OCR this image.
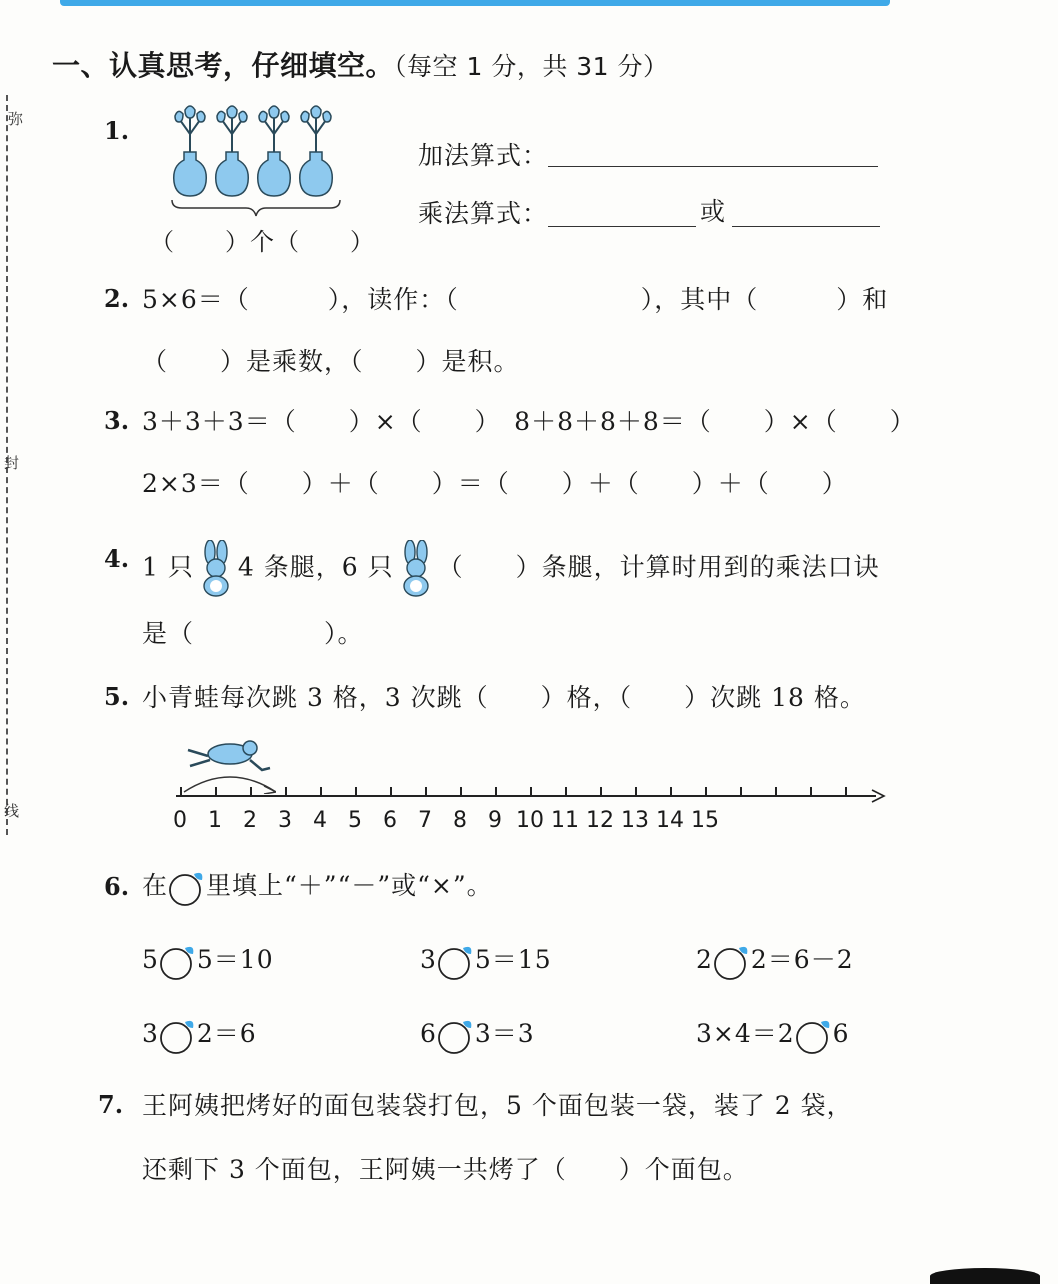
弥
封
线
一、认真思考，仔细填空。（每空 1 分，共 31 分）
1.
（　　）个（　　）
加法算式：
乘法算式：	或
2. 5×6＝（　　　），读作：（　　　　　　　），其中（　　　）和
（　　）是乘数，（　　）是积。
3. 3＋3＋3＝（　　）×（　　）　8＋8＋8＋8＝（　　）×（　　）
2×3＝（　　）＋（　　）＝（　　）＋（　　）＋（　　）
4. 1 只 4 条腿，6 只 （　　）条腿，计算时用到的乘法口诀
是（　　　　　）。
5. 小青蛙每次跳 3 格，3 次跳（　　）格，（　　）次跳 18 格。
0 1 2 3 4 5 6 7 8 9 10 11 12 13 14 15
6. 在 里填上“＋”“－”或“×”。
5 5＝10	3 5＝15	2 2＝6－2
3 2＝6	6 3＝3	3×4＝2 6
7. 王阿姨把烤好的面包装袋打包，5 个面包装一袋，装了 2 袋，
还剩下 3 个面包，王阿姨一共烤了（　　）个面包。
